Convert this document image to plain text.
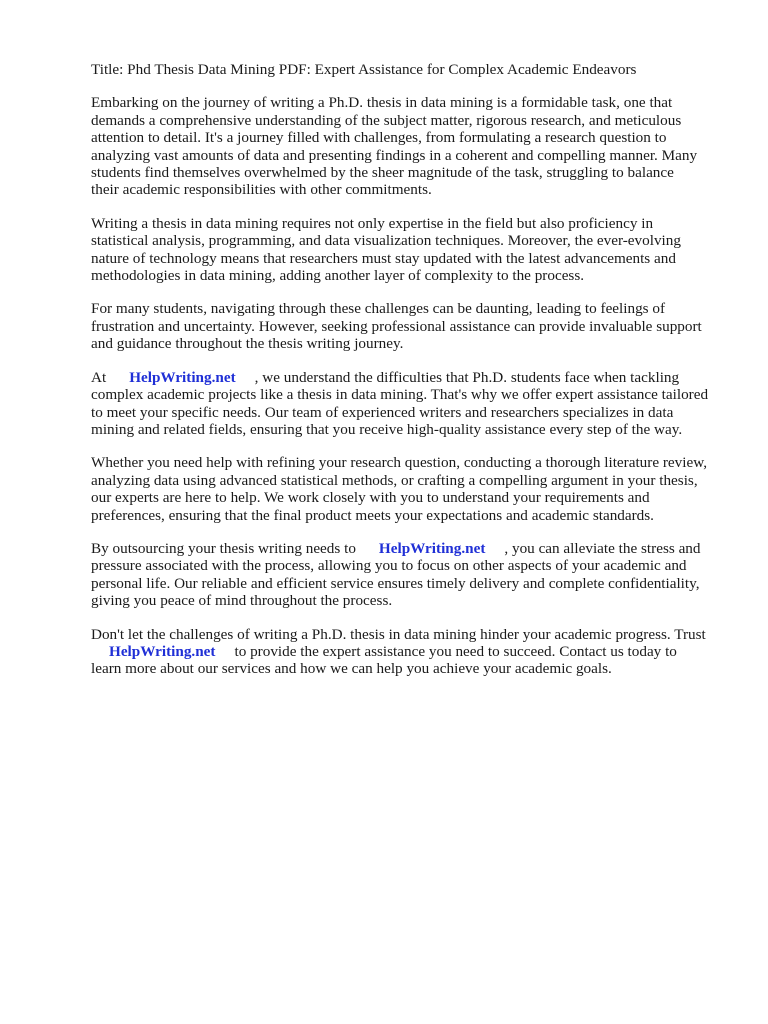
Title: Phd Thesis Data Mining PDF: Expert Assistance for Complex Academic Endeavors

Embarking on the journey of writing a Ph.D. thesis in data mining is a formidable task, one that
demands a comprehensive understanding of the subject matter, rigorous research, and meticulous
attention to detail. It's a journey filled with challenges, from formulating a research question to
analyzing vast amounts of data and presenting findings in a coherent and compelling manner. Many
students find themselves overwhelmed by the sheer magnitude of the task, struggling to balance
their academic responsibilities with other commitments.

Writing a thesis in data mining requires not only expertise in the field but also proficiency in
statistical analysis, programming, and data visualization techniques. Moreover, the ever-evolving
nature of technology means that researchers must stay updated with the latest advancements and
methodologies in data mining, adding another layer of complexity to the process.

For many students, navigating through these challenges can be daunting, leading to feelings of
frustration and uncertainty. However, seeking professional assistance can provide invaluable support
and guidance throughout the thesis writing journey.

At HelpWriting.net , we understand the difficulties that Ph.D. students face when tackling
complex academic projects like a thesis in data mining. That's why we offer expert assistance tailored
to meet your specific needs. Our team of experienced writers and researchers specializes in data
mining and related fields, ensuring that you receive high-quality assistance every step of the way.

Whether you need help with refining your research question, conducting a thorough literature review,
analyzing data using advanced statistical methods, or crafting a compelling argument in your thesis,
our experts are here to help. We work closely with you to understand your requirements and
preferences, ensuring that the final product meets your expectations and academic standards.

By outsourcing your thesis writing needs to HelpWriting.net , you can alleviate the stress and
pressure associated with the process, allowing you to focus on other aspects of your academic and
personal life. Our reliable and efficient service ensures timely delivery and complete confidentiality,
giving you peace of mind throughout the process.

Don't let the challenges of writing a Ph.D. thesis in data mining hinder your academic progress. Trust
HelpWriting.net to provide the expert assistance you need to succeed. Contact us today to
learn more about our services and how we can help you achieve your academic goals.
